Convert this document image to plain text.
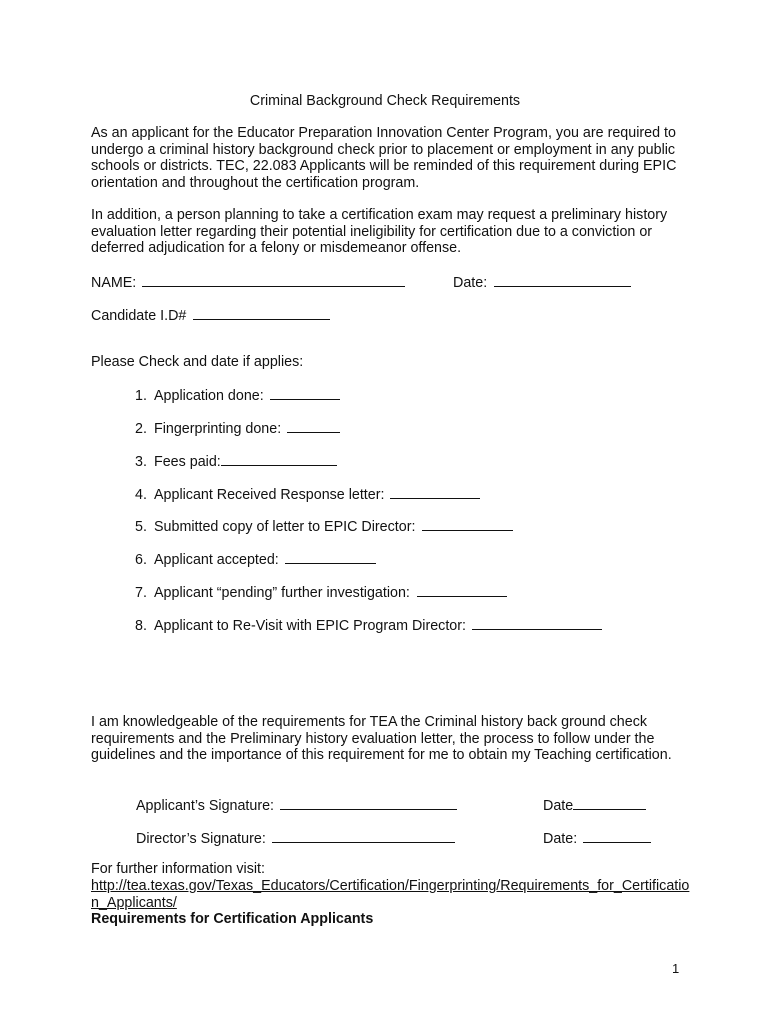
Criminal Background Check Requirements

As an applicant for the Educator Preparation Innovation Center Program, you are required to undergo a criminal history background check prior to placement or employment in any public schools or districts. TEC, 22.083 Applicants will be reminded of this requirement during EPIC orientation and throughout the certification program.

In addition, a person planning to take a certification exam may request a preliminary history evaluation letter regarding their potential ineligibility for certification due to a conviction or deferred adjudication for a felony or misdemeanor offense.

NAME:	Date:
Candidate I.D#
Please Check and date if applies:
1. Application done:
2. Fingerprinting done:
3. Fees paid:
4. Applicant Received Response letter:
5. Submitted copy of letter to EPIC Director:
6. Applicant accepted:
7. Applicant “pending” further investigation:
8. Applicant to Re-Visit with EPIC Program Director:

I am knowledgeable of the requirements for TEA the Criminal history back ground check requirements and the Preliminary history evaluation letter, the process to follow under the guidelines and the importance of this requirement for me to obtain my Teaching certification.

Applicant’s Signature:	Date
Director’s Signature:	Date:
For further information visit:
http://tea.texas.gov/Texas_Educators/Certification/Fingerprinting/Requirements_for_Certification_Applicants/
Requirements for Certification Applicants
1
